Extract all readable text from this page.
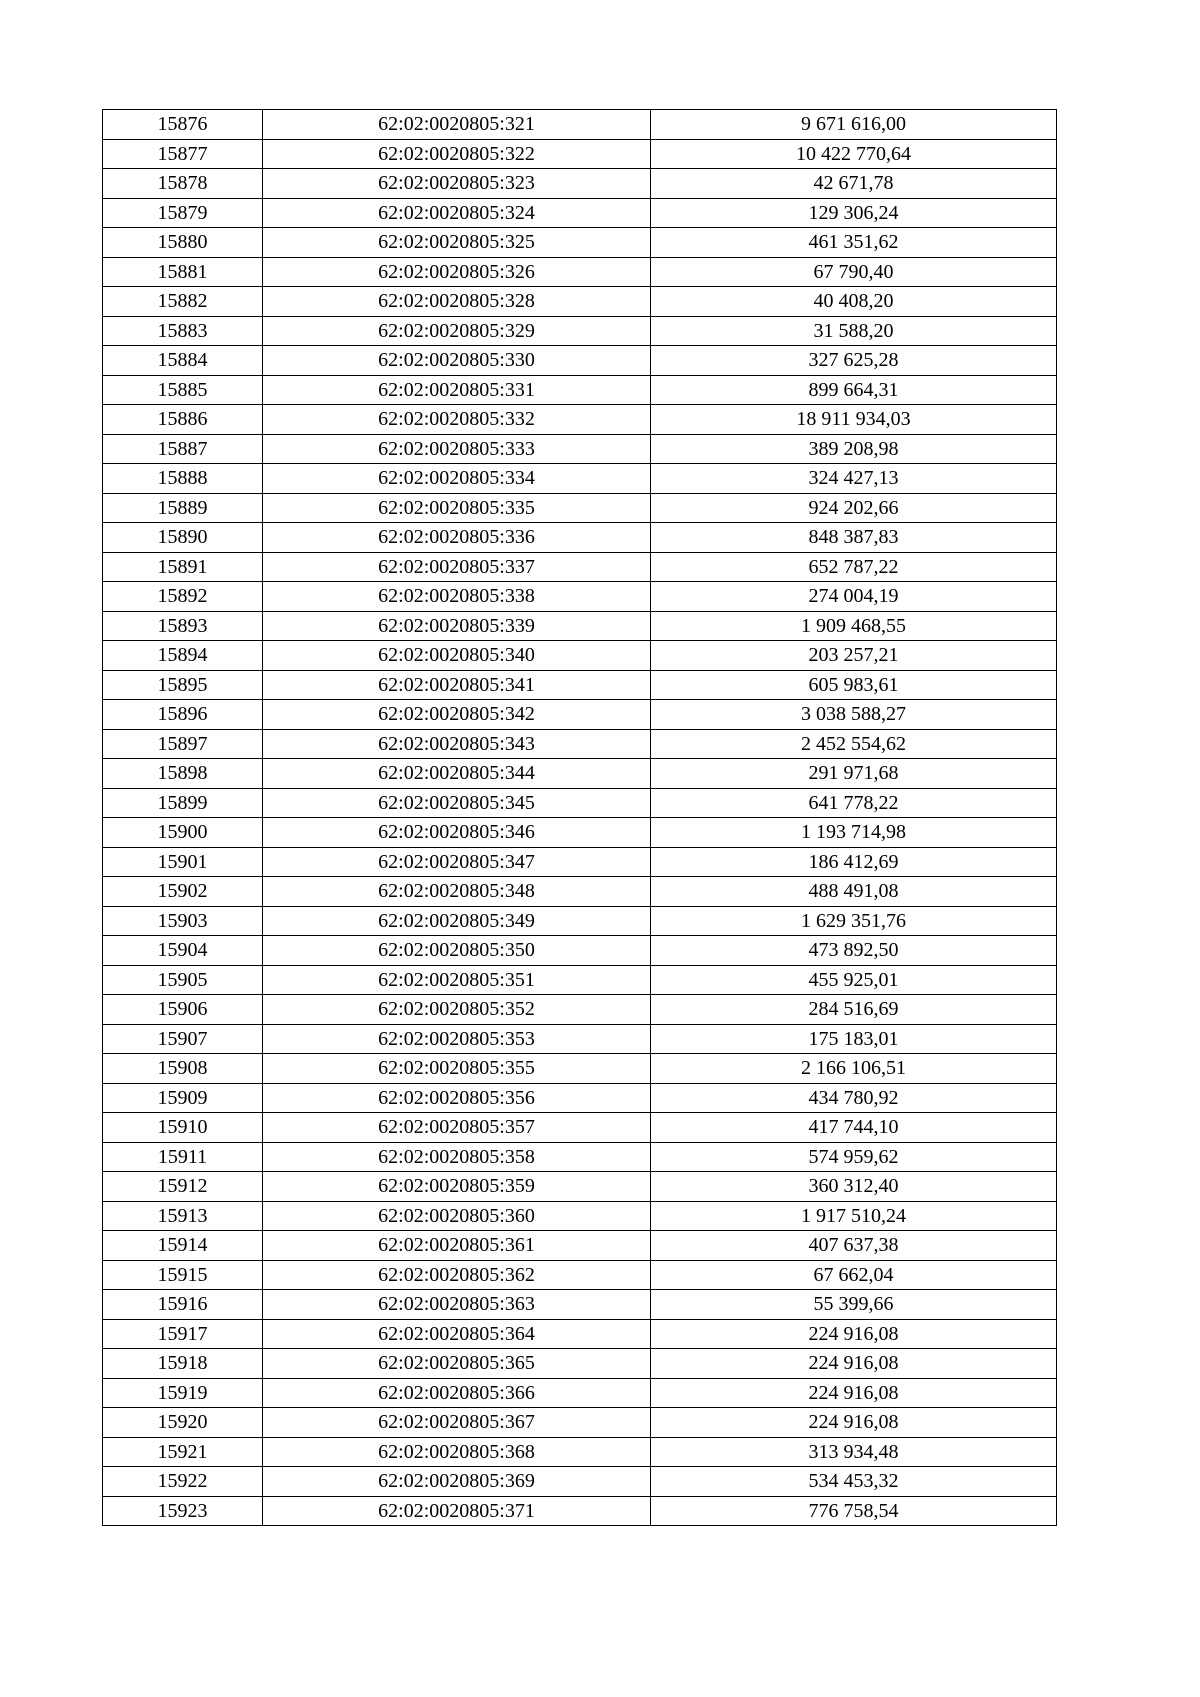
15876	62:02:0020805:321	9 671 616,00
15877	62:02:0020805:322	10 422 770,64
15878	62:02:0020805:323	42 671,78
15879	62:02:0020805:324	129 306,24
15880	62:02:0020805:325	461 351,62
15881	62:02:0020805:326	67 790,40
15882	62:02:0020805:328	40 408,20
15883	62:02:0020805:329	31 588,20
15884	62:02:0020805:330	327 625,28
15885	62:02:0020805:331	899 664,31
15886	62:02:0020805:332	18 911 934,03
15887	62:02:0020805:333	389 208,98
15888	62:02:0020805:334	324 427,13
15889	62:02:0020805:335	924 202,66
15890	62:02:0020805:336	848 387,83
15891	62:02:0020805:337	652 787,22
15892	62:02:0020805:338	274 004,19
15893	62:02:0020805:339	1 909 468,55
15894	62:02:0020805:340	203 257,21
15895	62:02:0020805:341	605 983,61
15896	62:02:0020805:342	3 038 588,27
15897	62:02:0020805:343	2 452 554,62
15898	62:02:0020805:344	291 971,68
15899	62:02:0020805:345	641 778,22
15900	62:02:0020805:346	1 193 714,98
15901	62:02:0020805:347	186 412,69
15902	62:02:0020805:348	488 491,08
15903	62:02:0020805:349	1 629 351,76
15904	62:02:0020805:350	473 892,50
15905	62:02:0020805:351	455 925,01
15906	62:02:0020805:352	284 516,69
15907	62:02:0020805:353	175 183,01
15908	62:02:0020805:355	2 166 106,51
15909	62:02:0020805:356	434 780,92
15910	62:02:0020805:357	417 744,10
15911	62:02:0020805:358	574 959,62
15912	62:02:0020805:359	360 312,40
15913	62:02:0020805:360	1 917 510,24
15914	62:02:0020805:361	407 637,38
15915	62:02:0020805:362	67 662,04
15916	62:02:0020805:363	55 399,66
15917	62:02:0020805:364	224 916,08
15918	62:02:0020805:365	224 916,08
15919	62:02:0020805:366	224 916,08
15920	62:02:0020805:367	224 916,08
15921	62:02:0020805:368	313 934,48
15922	62:02:0020805:369	534 453,32
15923	62:02:0020805:371	776 758,54
